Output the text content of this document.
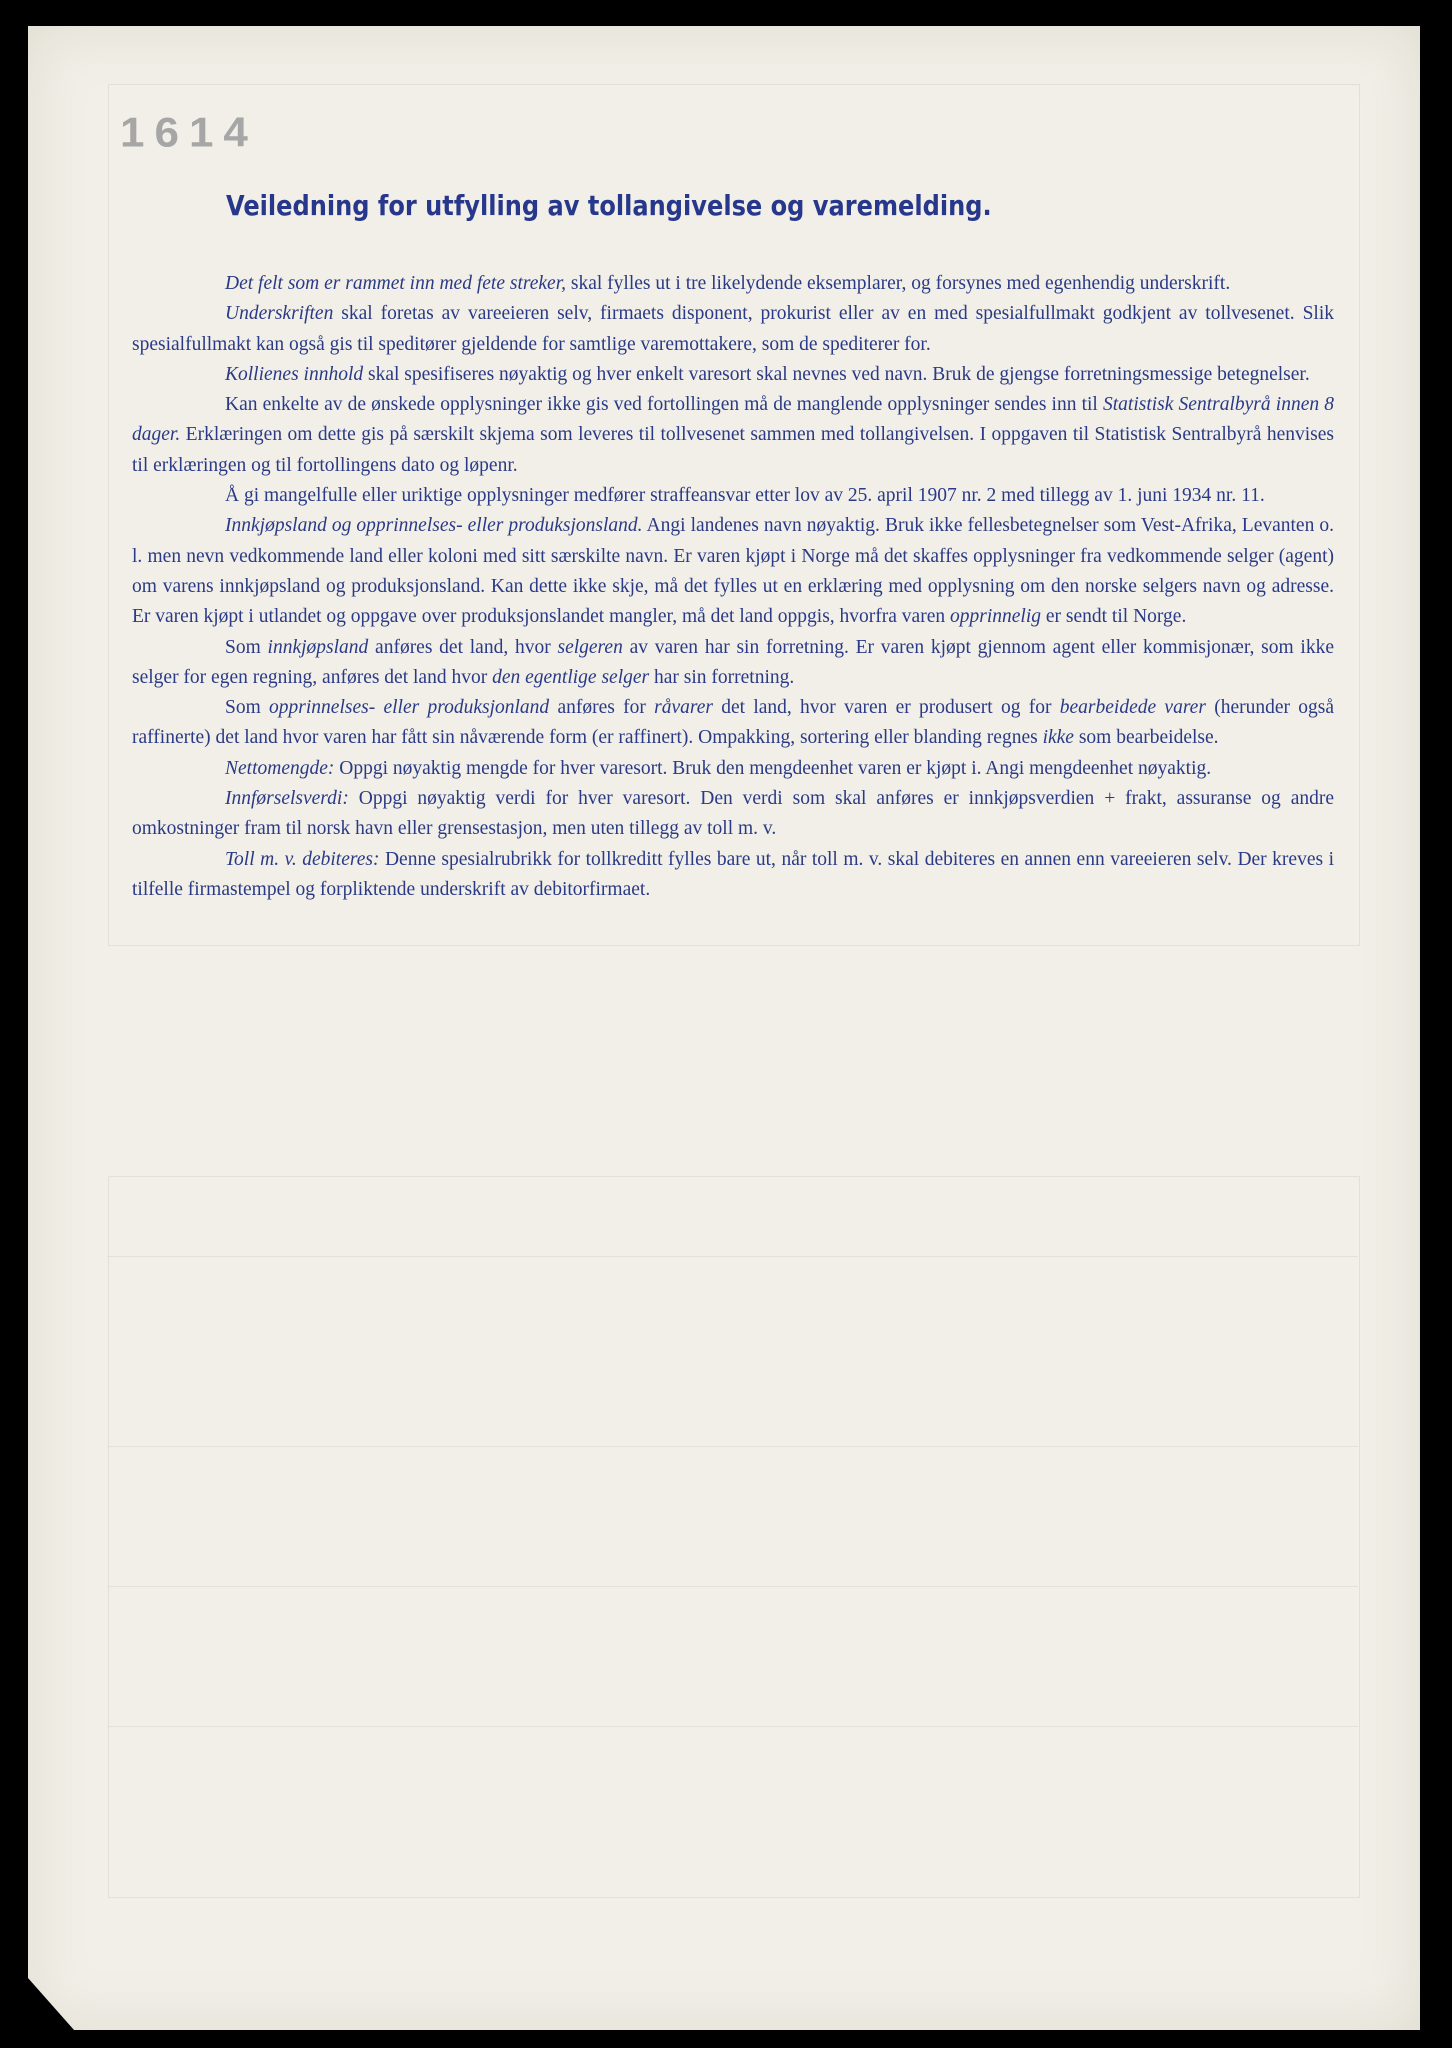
1614
Veiledning for utfylling av tollangivelse og varemelding.

Det felt som er rammet inn med fete streker, skal fylles ut i tre likelydende eksemplarer, og forsynes med egenhendig underskrift.

Underskriften skal foretas av vareeieren selv, firmaets disponent, prokurist eller av en med spesialfullmakt godkjent av tollvesenet. Slik spesialfullmakt kan også gis til speditører gjeldende for samtlige varemottakere, som de spediterer for.

Kollienes innhold skal spesifiseres nøyaktig og hver enkelt varesort skal nevnes ved navn. Bruk de gjengse forretningsmessige betegnelser.

Kan enkelte av de ønskede opplysninger ikke gis ved fortollingen må de manglende opplysninger sendes inn til Statistisk Sentralbyrå innen 8 dager. Erklæringen om dette gis på særskilt skjema som leveres til tollvesenet sammen med tollangivelsen. I oppgaven til Statistisk Sentralbyrå henvises til erklæringen og til fortollingens dato og løpenr.

Å gi mangelfulle eller uriktige opplysninger medfører straffeansvar etter lov av 25. april 1907 nr. 2 med tillegg av 1. juni 1934 nr. 11.

Innkjøpsland og opprinnelses- eller produksjonsland. Angi landenes navn nøyaktig. Bruk ikke fellesbetegnelser som Vest-Afrika, Levanten o. l. men nevn vedkommende land eller koloni med sitt særskilte navn. Er varen kjøpt i Norge må det skaffes opplysninger fra vedkommende selger (agent) om varens innkjøpsland og produksjonsland. Kan dette ikke skje, må det fylles ut en erklæring med opplysning om den norske selgers navn og adresse. Er varen kjøpt i utlandet og oppgave over produksjonslandet mangler, må det land oppgis, hvorfra varen opprinnelig er sendt til Norge.

Som innkjøpsland anføres det land, hvor selgeren av varen har sin forretning. Er varen kjøpt gjennom agent eller kommisjonær, som ikke selger for egen regning, anføres det land hvor den egentlige selger har sin forretning.

Som opprinnelses- eller produksjonland anføres for råvarer det land, hvor varen er produsert og for bearbeidede varer (herunder også raffinerte) det land hvor varen har fått sin nåværende form (er raffinert). Ompakking, sortering eller blanding regnes ikke som bearbeidelse.

Nettomengde: Oppgi nøyaktig mengde for hver varesort. Bruk den mengdeenhet varen er kjøpt i. Angi mengdeenhet nøyaktig.

Innførselsverdi: Oppgi nøyaktig verdi for hver varesort. Den verdi som skal anføres er innkjøpsverdien + frakt, assuranse og andre omkostninger fram til norsk havn eller grensestasjon, men uten tillegg av toll m. v.

Toll m. v. debiteres: Denne spesialrubrikk for tollkreditt fylles bare ut, når toll m. v. skal debiteres en annen enn vareeieren selv. Der kreves i tilfelle firmastempel og forpliktende underskrift av debitorfirmaet.
